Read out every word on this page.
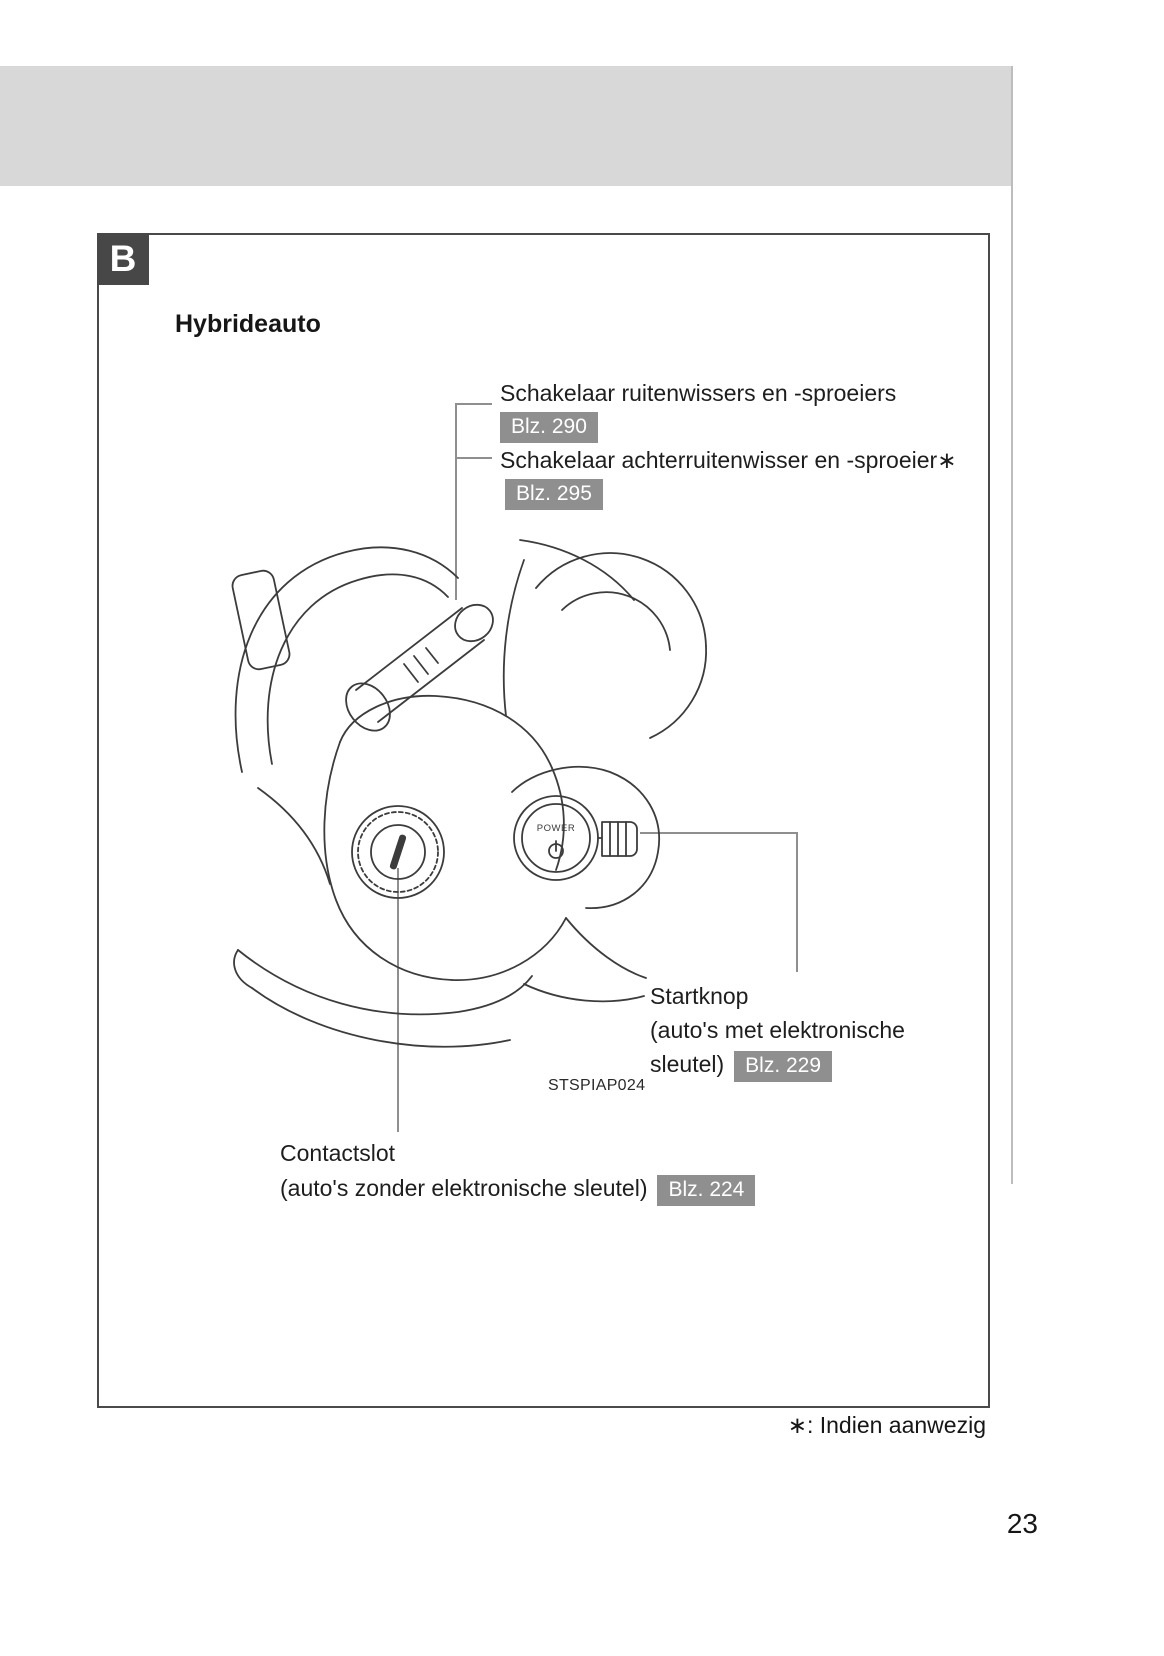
POWER
B
Hybrideauto
Schakelaar ruitenwissers en -sproeiers
Blz. 290
Schakelaar achterruitenwisser en -sproeier∗
Blz. 295
Startknop
(auto's met elektronische
sleutel) Blz. 229
STSPIAP024
Contactslot
(auto's zonder elektronische sleutel) Blz. 224
∗: Indien aanwezig
23
